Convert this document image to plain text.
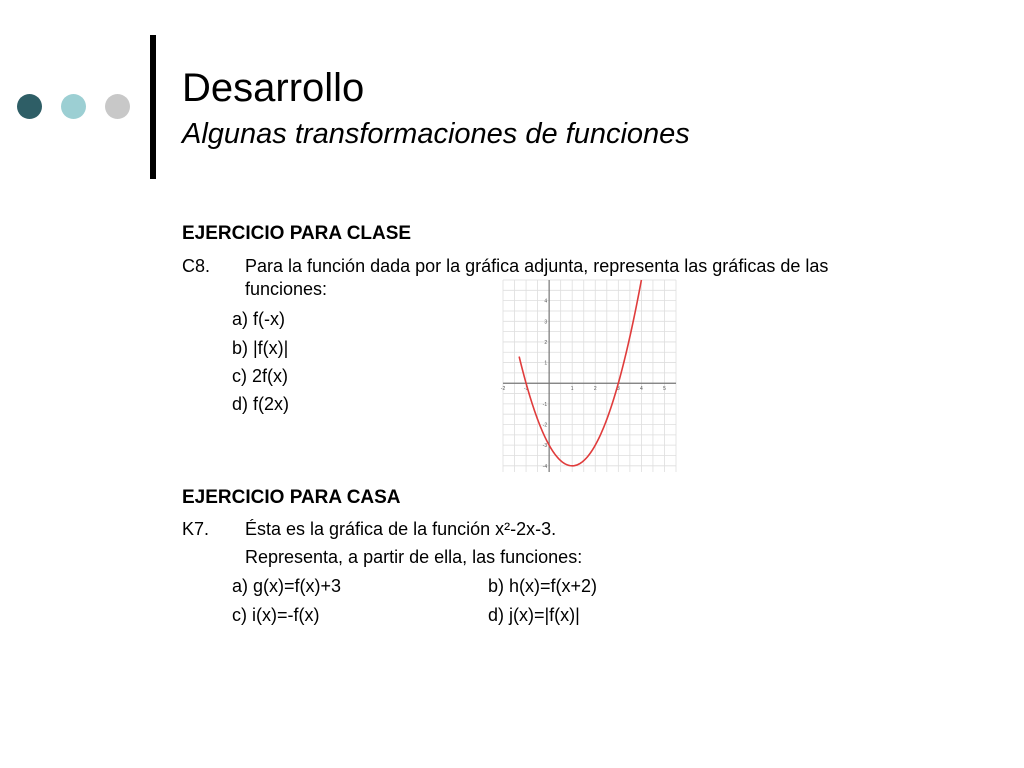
Desarrollo
Algunas transformaciones de funciones
EJERCICIO PARA CLASE
C8. Para la función dada por la gráfica adjunta, representa las gráficas de las
funciones:
a) f(-x)
b) |f(x)|
c) 2f(x)
d) f(2x)
-2	-1	1	2	3	4	5
4
3
2
1
-1
-2
-3
-4
EJERCICIO PARA CASA
K7. Ésta es la gráfica de la función x²-2x-3.
Representa, a partir de ella, las funciones:
a) g(x)=f(x)+3	b) h(x)=f(x+2)
c) i(x)=-f(x)	d) j(x)=|f(x)|
